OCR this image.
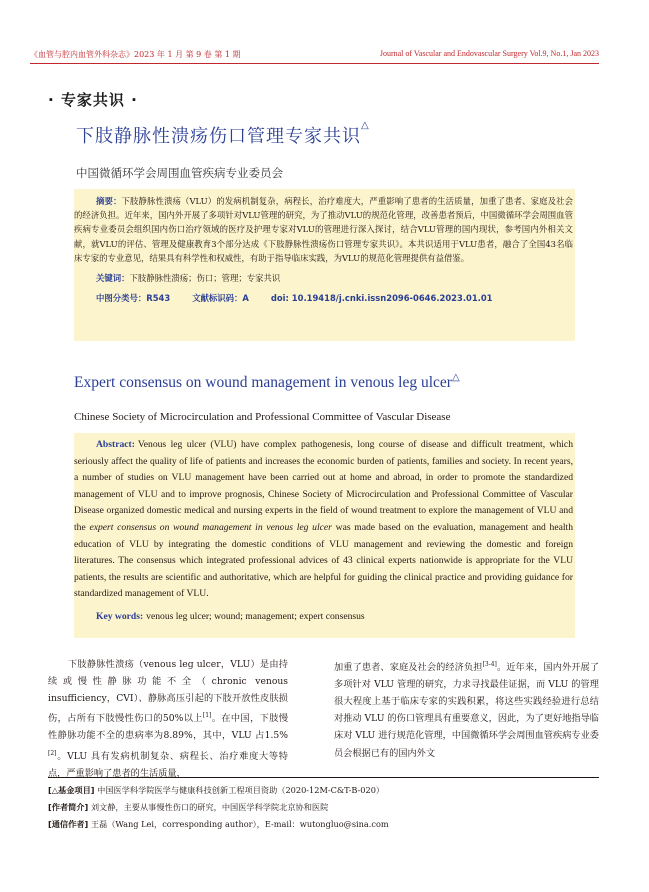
《血管与腔内血管外科杂志》2023 年 1 月 第 9 卷 第 1 期	Journal of Vascular and Endovascular Surgery Vol.9, No.1, Jan 2023
· 专家共识 ·
下肢静脉性溃疡伤口管理专家共识△
中国微循环学会周围血管疾病专业委员会

摘要：下肢静脉性溃疡（VLU）的发病机制复杂，病程长，治疗难度大，严重影响了患者的生活质量，加重了患者、家庭及社会的经济负担。近年来，国内外开展了多项针对VLU管理的研究，为了推动VLU的规范化管理，改善患者预后，中国微循环学会周围血管疾病专业委员会组织国内伤口治疗领域的医疗及护理专家对VLU的管理进行深入探讨，结合VLU管理的国内现状，参考国内外相关文献，就VLU的评估、管理及健康教育3个部分达成《下肢静脉性溃疡伤口管理专家共识》。本共识适用于VLU患者，融合了全国43名临床专家的专业意见，结果具有科学性和权威性，有助于指导临床实践，为VLU的规范化管理提供有益借鉴。

关键词：下肢静脉性溃疡；伤口；管理；专家共识
中图分类号：R543	文献标识码：A	doi: 10.19418/j.cnki.issn2096-0646.2023.01.01
Expert consensus on wound management in venous leg ulcer△
Chinese Society of Microcirculation and Professional Committee of Vascular Disease

Abstract: Venous leg ulcer (VLU) have complex pathogenesis, long course of disease and difficult treatment, which seriously affect the quality of life of patients and increases the economic burden of patients, families and society. In recent years, a number of studies on VLU management have been carried out at home and abroad, in order to promote the standardized management of VLU and to improve prognosis, Chinese Society of Microcirculation and Professional Committee of Vascular Disease organized domestic medical and nursing experts in the field of wound treatment to explore the management of VLU and the expert consensus on wound management in venous leg ulcer was made based on the evaluation, management and health education of VLU by integrating the domestic conditions of VLU management and reviewing the domestic and foreign literatures. The consensus which integrated professional advices of 43 clinical experts nationwide is appropriate for the VLU patients, the results are scientific and authoritative, which are helpful for guiding the clinical practice and providing guidance for standardized management of VLU.

Key words: venous leg ulcer; wound; management; expert consensus

下肢静脉性溃疡（venous leg ulcer，VLU）是由持续或慢性静脉功能不全（chronic venous insufficiency，CVI）、静脉高压引起的下肢开放性皮肤损伤，占所有下肢慢性伤口的50%以上[1]。在中国，下肢慢性静脉功能不全的患病率为8.89%，其中，VLU 占1.5%[2]。VLU 具有发病机制复杂、病程长、治疗难度大等特点，严重影响了患者的生活质量，

加重了患者、家庭及社会的经济负担[3-4]。近年来，国内外开展了多项针对 VLU 管理的研究，力求寻找最佳证据，而 VLU 的管理很大程度上基于临床专家的实践积累，将这些实践经验进行总结对推动 VLU 的伤口管理具有重要意义，因此，为了更好地指导临床对 VLU 进行规范化管理，中国微循环学会周围血管疾病专业委员会根据已有的国内外文

[△基金项目] 中国医学科学院医学与健康科技创新工程项目资助（2020-12M-C&T-B-020）
[作者简介] 刘文静，主要从事慢性伤口的研究，中国医学科学院北京协和医院
[通信作者] 王磊（Wang Lei，corresponding author），E-mail：wutongluo@sina.com
